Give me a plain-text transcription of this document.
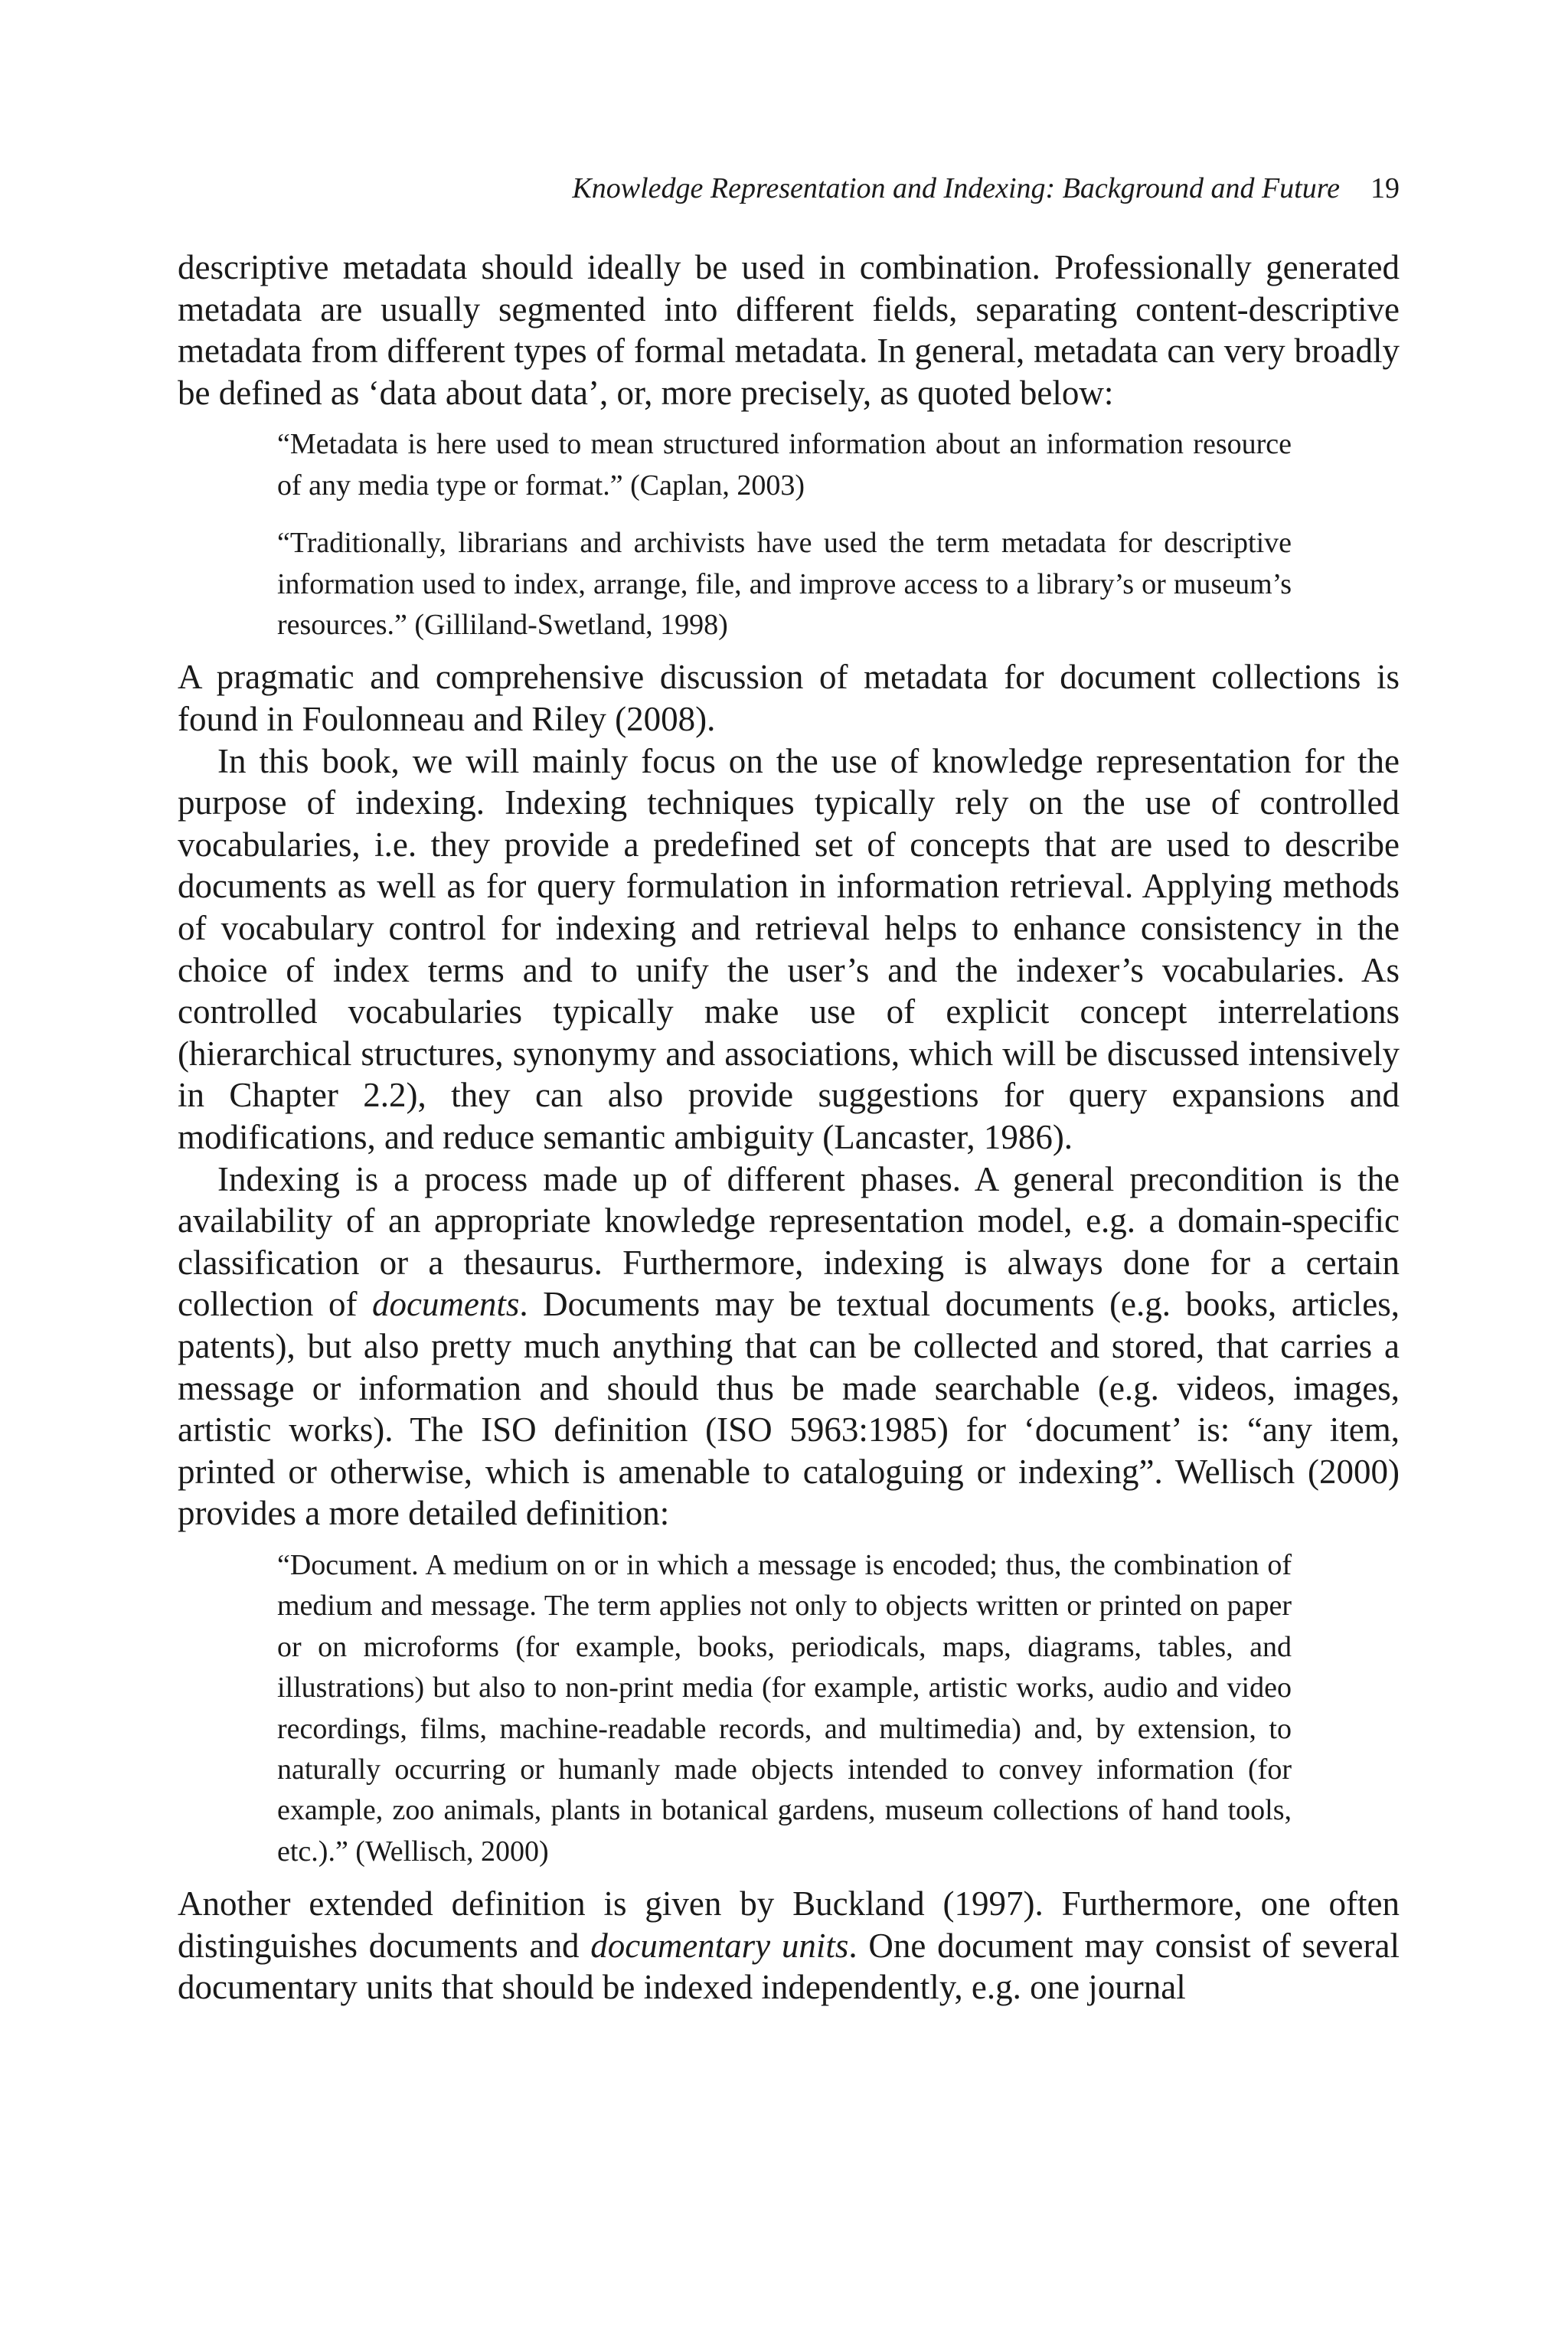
Knowledge Representation and Indexing: Background and Future 19

descriptive metadata should ideally be used in combination. Professionally generated metadata are usually segmented into different fields, separating content-descriptive metadata from different types of formal metadata. In general, metadata can very broadly be defined as ‘data about data’, or, more precisely, as quoted below:

“Metadata is here used to mean structured information about an information resource of any media type or format.” (Caplan, 2003)
“Traditionally, librarians and archivists have used the term metadata for descriptive information used to index, arrange, file, and improve access to a library’s or museum’s resources.” (Gilliland-Swetland, 1998)

A pragmatic and comprehensive discussion of metadata for document collections is found in Foulonneau and Riley (2008).

In this book, we will mainly focus on the use of knowledge representation for the purpose of indexing. Indexing techniques typically rely on the use of controlled vocabularies, i.e. they provide a predefined set of concepts that are used to describe documents as well as for query formulation in information retrieval. Applying methods of vocabulary control for indexing and retrieval helps to enhance consistency in the choice of index terms and to unify the user’s and the indexer’s vocabularies. As controlled vocabularies typically make use of explicit concept interrelations (hierarchical structures, synonymy and associations, which will be discussed intensively in Chapter 2.2), they can also provide suggestions for query expansions and modifications, and reduce semantic ambiguity (Lancaster, 1986).

Indexing is a process made up of different phases. A general precondition is the availability of an appropriate knowledge representation model, e.g. a domain-specific classification or a thesaurus. Furthermore, indexing is always done for a certain collection of documents. Documents may be textual documents (e.g. books, articles, patents), but also pretty much anything that can be collected and stored, that carries a message or information and should thus be made searchable (e.g. videos, images, artistic works). The ISO definition (ISO 5963:1985) for ‘document’ is: “any item, printed or otherwise, which is amenable to cataloguing or indexing”. Wellisch (2000) provides a more detailed definition:

“Document. A medium on or in which a message is encoded; thus, the combination of medium and message. The term applies not only to objects written or printed on paper or on microforms (for example, books, periodicals, maps, diagrams, tables, and illustrations) but also to non-print media (for example, artistic works, audio and video recordings, films, machine-readable records, and multimedia) and, by extension, to naturally occurring or humanly made objects intended to convey information (for example, zoo animals, plants in botanical gardens, museum collections of hand tools, etc.).” (Wellisch, 2000)

Another extended definition is given by Buckland (1997). Furthermore, one often distinguishes documents and documentary units. One document may consist of several documentary units that should be indexed independently, e.g. one journal
